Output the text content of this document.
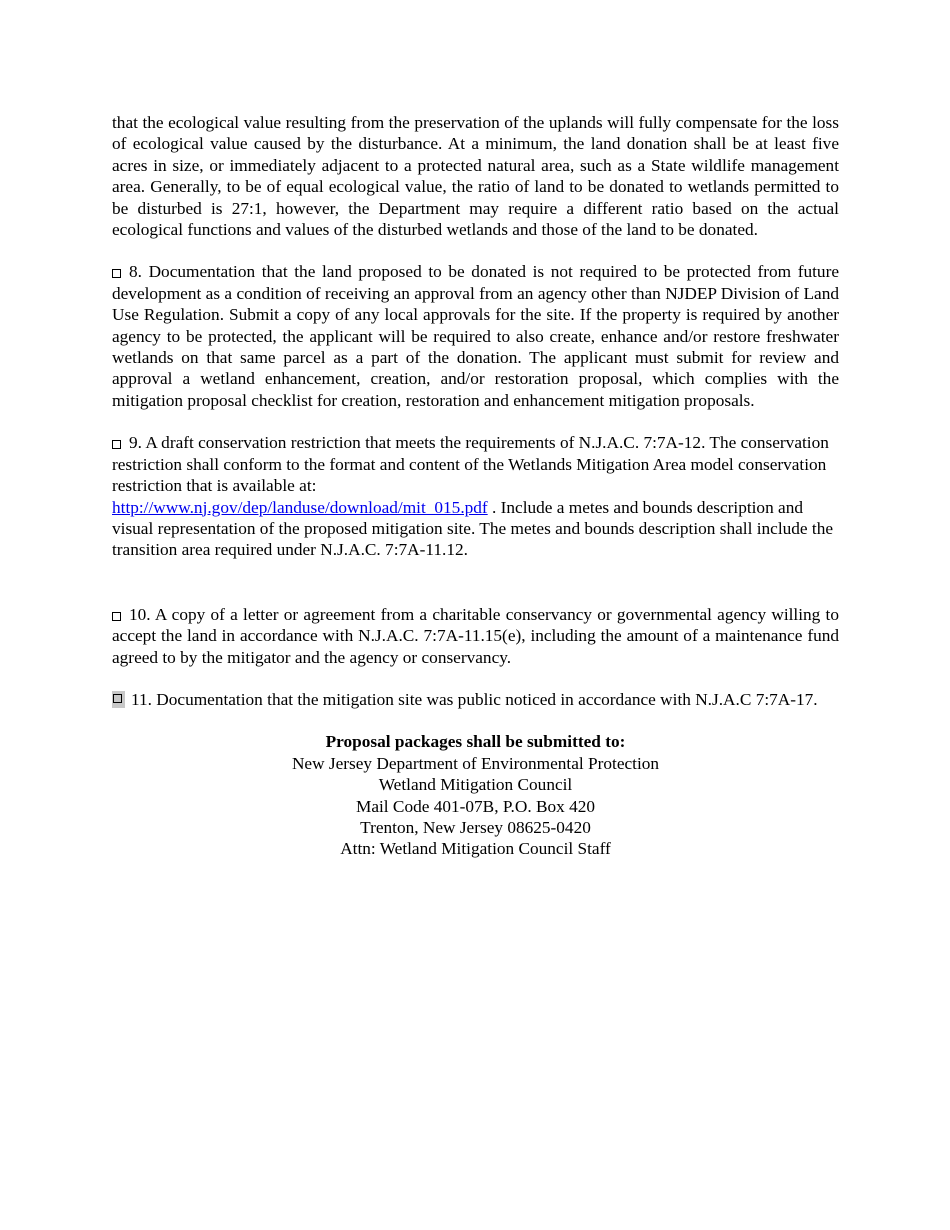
that the ecological value resulting from the preservation of the uplands will fully compensate for the loss of ecological value caused by the disturbance. At a minimum, the land donation shall be at least five acres in size, or immediately adjacent to a protected natural area, such as a State wildlife management area. Generally, to be of equal ecological value, the ratio of land to be donated to wetlands permitted to be disturbed is 27:1, however, the Department may require a different ratio based on the actual ecological functions and values of the disturbed wetlands and those of the land to be donated.

8. Documentation that the land proposed to be donated is not required to be protected from future development as a condition of receiving an approval from an agency other than NJDEP Division of Land Use Regulation. Submit a copy of any local approvals for the site. If the property is required by another agency to be protected, the applicant will be required to also create, enhance and/or restore freshwater wetlands on that same parcel as a part of the donation. The applicant must submit for review and approval a wetland enhancement, creation, and/or restoration proposal, which complies with the mitigation proposal checklist for creation, restoration and enhancement mitigation proposals.

9. A draft conservation restriction that meets the requirements of N.J.A.C. 7:7A-12. The conservation restriction shall conform to the format and content of the Wetlands Mitigation Area model conservation restriction that is available at:
http://www.nj.gov/dep/landuse/download/mit_015.pdf . Include a metes and bounds description and visual representation of the proposed mitigation site. The metes and bounds description shall include the transition area required under N.J.A.C. 7:7A-11.12.

10. A copy of a letter or agreement from a charitable conservancy or governmental agency willing to accept the land in accordance with N.J.A.C. 7:7A-11.15(e), including the amount of a maintenance fund agreed to by the mitigator and the agency or conservancy.

11. Documentation that the mitigation site was public noticed in accordance with N.J.A.C 7:7A-17.

Proposal packages shall be submitted to:
New Jersey Department of Environmental Protection
Wetland Mitigation Council
Mail Code 401-07B, P.O. Box 420
Trenton, New Jersey 08625-0420
Attn: Wetland Mitigation Council Staff
